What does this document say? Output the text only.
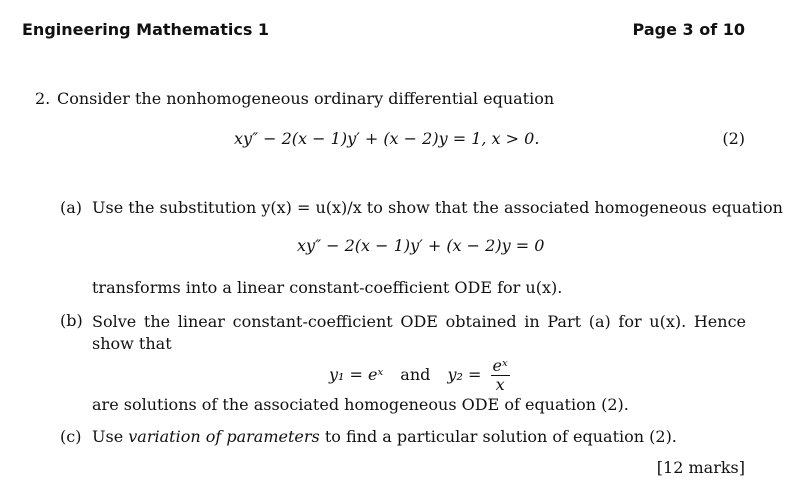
Engineering Mathematics 1	Page 3 of 10
2. Consider the nonhomogeneous ordinary differential equation
xy″ − 2(x − 1)y′ + (x − 2)y = 1, x > 0.	(2)
(a) Use the substitution y(x) = u(x)/x to show that the associated homogeneous equation
xy″ − 2(x − 1)y′ + (x − 2)y = 0
transforms into a linear constant-coefficient ODE for u(x).
(b) Solve the linear constant-coefficient ODE obtained in Part (a) for u(x). Hence show that
y₁ = eˣ and $y_2 = \frac{\text{eˣ}}{x}$
are solutions of the associated homogeneous ODE of equation (2).
(c) Use variation of parameters to find a particular solution of equation (2).
[12 marks]
